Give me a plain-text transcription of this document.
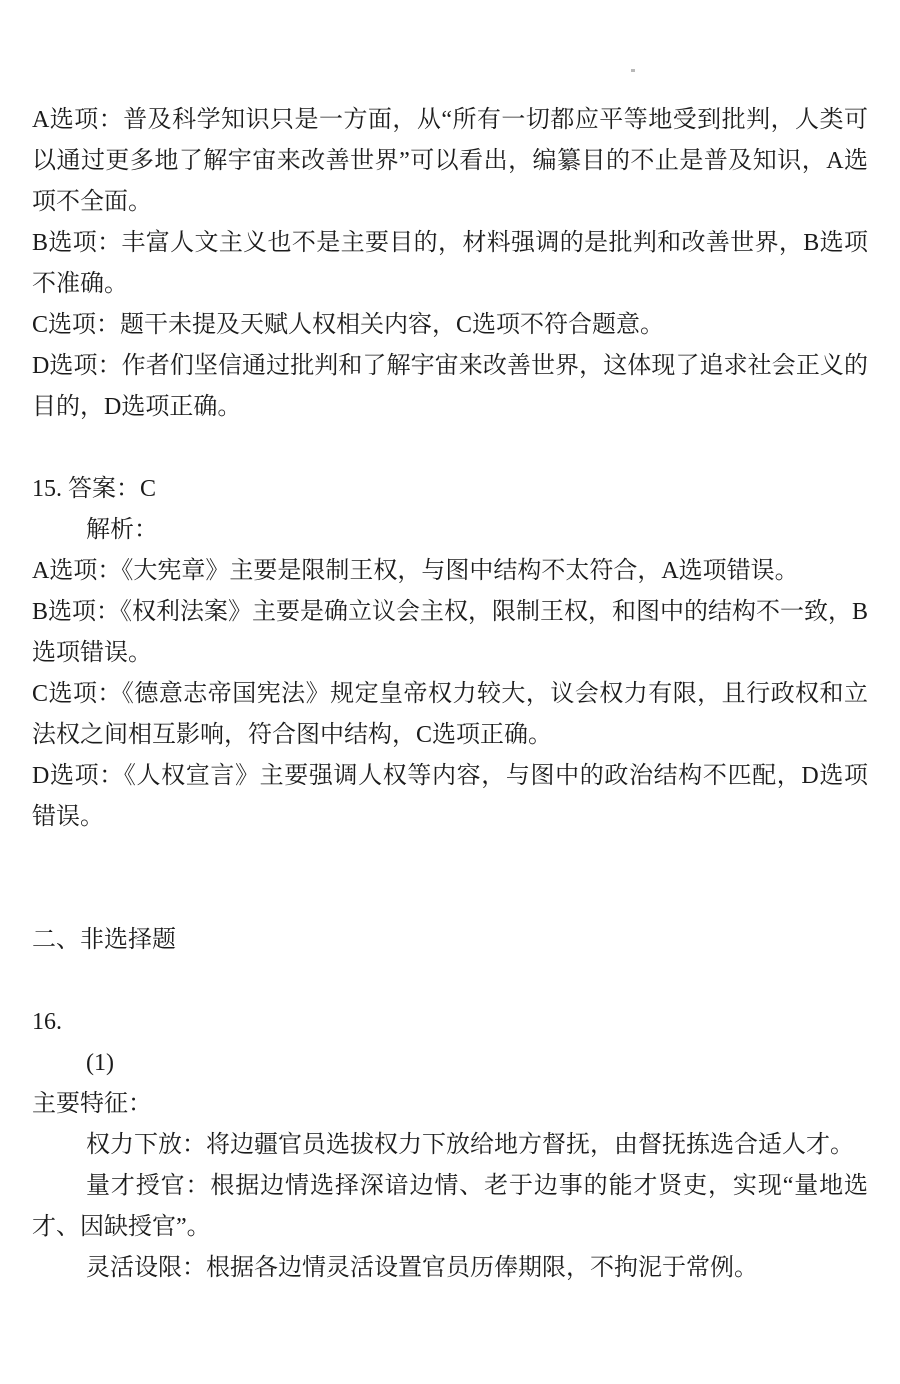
A选项：普及科学知识只是一方面，从“所有一切都应平等地受到批判，人类可以通过更多地了解宇宙来改善世界”可以看出，编纂目的不止是普及知识，A选项不全面。

B选项：丰富人文主义也不是主要目的，材料强调的是批判和改善世界，B选项不准确。

C选项：题干未提及天赋人权相关内容，C选项不符合题意。

D选项：作者们坚信通过批判和了解宇宙来改善世界，这体现了追求社会正义的目的，D选项正确。

15. 答案：C

解析：

A选项：《大宪章》主要是限制王权，与图中结构不太符合，A选项错误。

B选项：《权利法案》主要是确立议会主权，限制王权，和图中的结构不一致，B选项错误。

C选项：《德意志帝国宪法》规定皇帝权力较大，议会权力有限，且行政权和立法权之间相互影响，符合图中结构，C选项正确。

D选项：《人权宣言》主要强调人权等内容，与图中的政治结构不匹配，D选项错误。

二、非选择题

16.

(1)

主要特征：

权力下放：将边疆官员选拔权力下放给地方督抚，由督抚拣选合适人才。

量才授官：根据边情选择深谙边情、老于边事的能才贤吏，实现“量地选才、因缺授官”。

灵活设限：根据各边情灵活设置官员历俸期限，不拘泥于常例。
